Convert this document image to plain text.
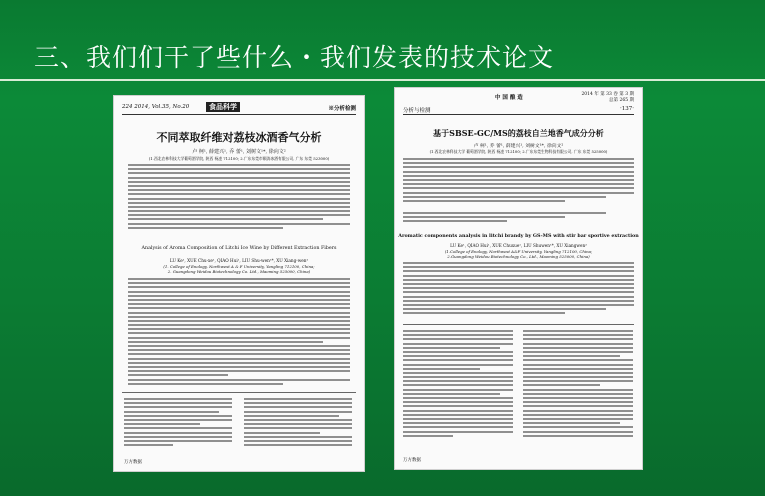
三、我们们干了些什么・我们发表的技术论文
224 2014, Vol.35, No.20	食品科学	※分析检测
不同萃取纤维对荔枝冰酒香气分析
卢 柯¹, 薛建兴¹, 乔 蕾¹, 刘树文¹*, 徐向文²
(1.西北农林科技大学葡萄酒学院, 陕西 杨凌 712100; 2.广东东莞市顺涛冰酒有限公司, 广东 东莞 523000)
Analysis of Aroma Composition of Litchi Ice Wine by Different Extraction Fibers
LU Ke¹, XUE Chu-xe¹, QIAO Hui¹, LIU Shu-wen¹*, XU Xiang-wen²
(1. College of Enology, Northwest A & F University, Yangling 712100, China;
2. Guangdong Weidou Biotechnology Co. Ltd., Maoming 525000, China)
万方数据
中 国 酿 造
2014 年 第 33 卷 第 3 期
总第 265 期
分析与检测	·137·
基于SBSE-GC/MS的荔枝自兰地香气成分分析
卢 柯¹, 乔 蕾¹, 薛建兴¹, 刘树文¹*, 徐向文²
(1.西北农林科技大学 葡萄酒学院, 陕西 杨凌 712100; 2.广东东莞生物科技有限公司, 广东 东莞 525000)
Aromatic components analysis in litchi brandy by GS-MS with stir bar sportive extraction
LU Ke¹, QIAO Hui¹, XUE Chuxue¹, LIU Shuwen¹*, XU Xiangwen²
(1.College of Enology, Northwest A&F University, Yangling 712100, China;
2.Guangdong Weidou Biotechnology Co., Ltd., Maoming 525000, China)
万方数据
